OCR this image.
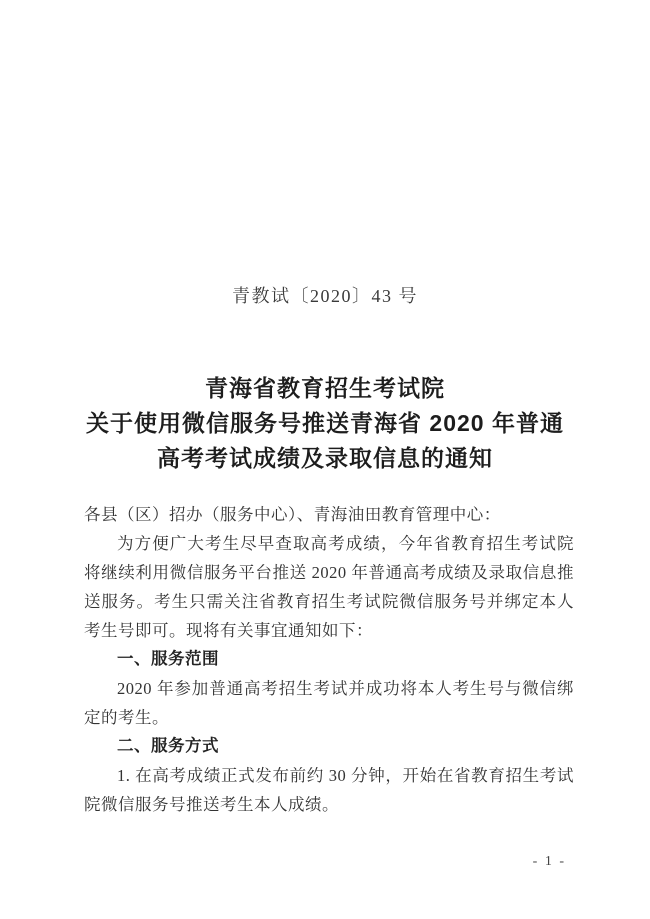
青教试〔2020〕43 号
青海省教育招生考试院
关于使用微信服务号推送青海省 2020 年普通
高考考试成绩及录取信息的通知

各县（区）招办（服务中心）、青海油田教育管理中心：

为方便广大考生尽早查取高考成绩，今年省教育招生考试院将继续利用微信服务平台推送 2020 年普通高考成绩及录取信息推送服务。考生只需关注省教育招生考试院微信服务号并绑定本人考生号即可。现将有关事宜通知如下：

一、服务范围

2020 年参加普通高考招生考试并成功将本人考生号与微信绑定的考生。

二、服务方式

1. 在高考成绩正式发布前约 30 分钟，开始在省教育招生考试院微信服务号推送考生本人成绩。

- 1 -
